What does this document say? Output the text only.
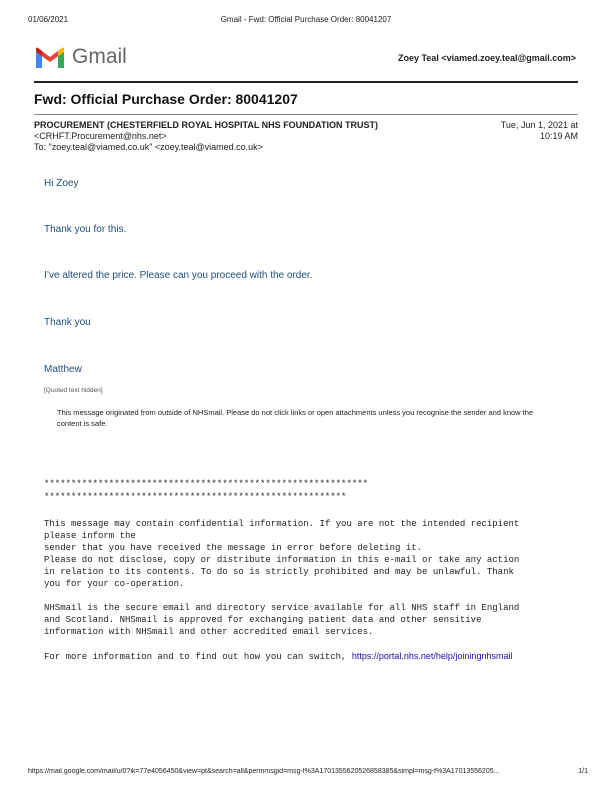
01/06/2021	Gmail - Fwd: Official Purchase Order: 80041207
Gmail	Zoey Teal <viamed.zoey.teal@gmail.com>
Fwd: Official Purchase Order: 80041207
PROCUREMENT (CHESTERFIELD ROYAL HOSPITAL NHS FOUNDATION TRUST)
<CRHFT.Procurement@nhs.net>
To: "zoey.teal@viamed.co.uk" <zoey.teal@viamed.co.uk>
Tue, Jun 1, 2021 at
10:19 AM
Hi Zoey
Thank you for this.
I’ve altered the price. Please can you proceed with the order.
Thank you
Matthew
[Quoted text hidden]
This message originated from outside of NHSmail. Please do not click links or open attachments unless you recognise the sender and know the content is safe.
************************************************************
********************************************************
This message may contain confidential information. If you are not the intended recipient
please inform the
sender that you have received the message in error before deleting it.
Please do not disclose, copy or distribute information in this e-mail or take any action
in relation to its contents. To do so is strictly prohibited and may be unlawful. Thank
you for your co-operation.
NHSmail is the secure email and directory service available for all NHS staff in England
and Scotland. NHSmail is approved for exchanging patient data and other sensitive
information with NHSmail and other accredited email services.
For more information and to find out how you can switch, https://portal.nhs.net/help/joiningnhsmail
https://mail.google.com/mail/u/0?ik=77e4056450&view=pt&search=all&permmsgid=msg-f%3A1701355620526858385&simpl=msg-f%3A17013556205...	1/1
